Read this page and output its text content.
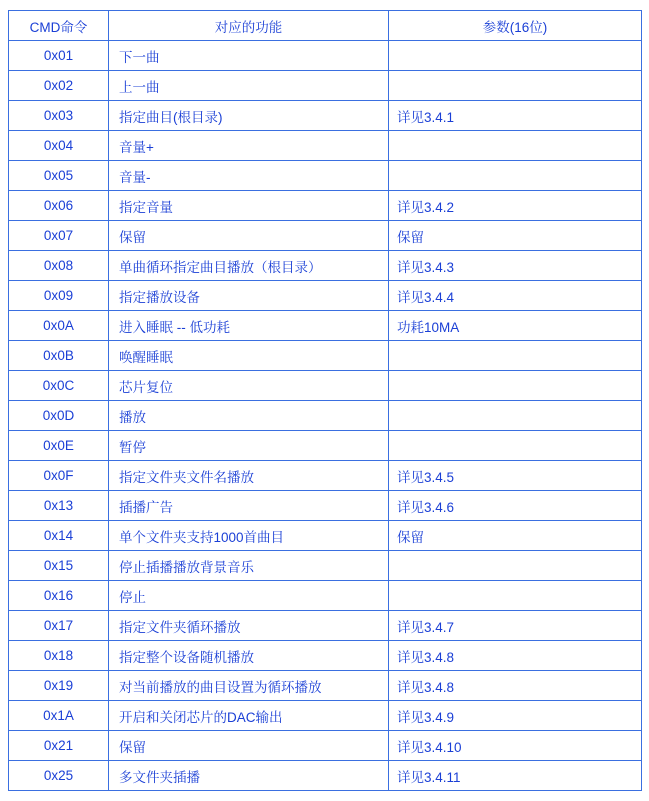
CMD命令	对应的功能	参数(16位)
0x01	下一曲	
0x02	上一曲	
0x03	指定曲目(根目录)	详见3.4.1
0x04	音量+	
0x05	音量-	
0x06	指定音量	详见3.4.2
0x07	保留	保留
0x08	单曲循环指定曲目播放（根目录）	详见3.4.3
0x09	指定播放设备	详见3.4.4
0x0A	进入睡眠 -- 低功耗	功耗10MA
0x0B	唤醒睡眠	
0x0C	芯片复位	
0x0D	播放	
0x0E	暂停	
0x0F	指定文件夹文件名播放	详见3.4.5
0x13	插播广告	详见3.4.6
0x14	单个文件夹支持1000首曲目	保留
0x15	停止插播播放背景音乐	
0x16	停止	
0x17	指定文件夹循环播放	详见3.4.7
0x18	指定整个设备随机播放	详见3.4.8
0x19	对当前播放的曲目设置为循环播放	详见3.4.8
0x1A	开启和关闭芯片的DAC输出	详见3.4.9
0x21	保留	详见3.4.10
0x25	多文件夹插播	详见3.4.11
